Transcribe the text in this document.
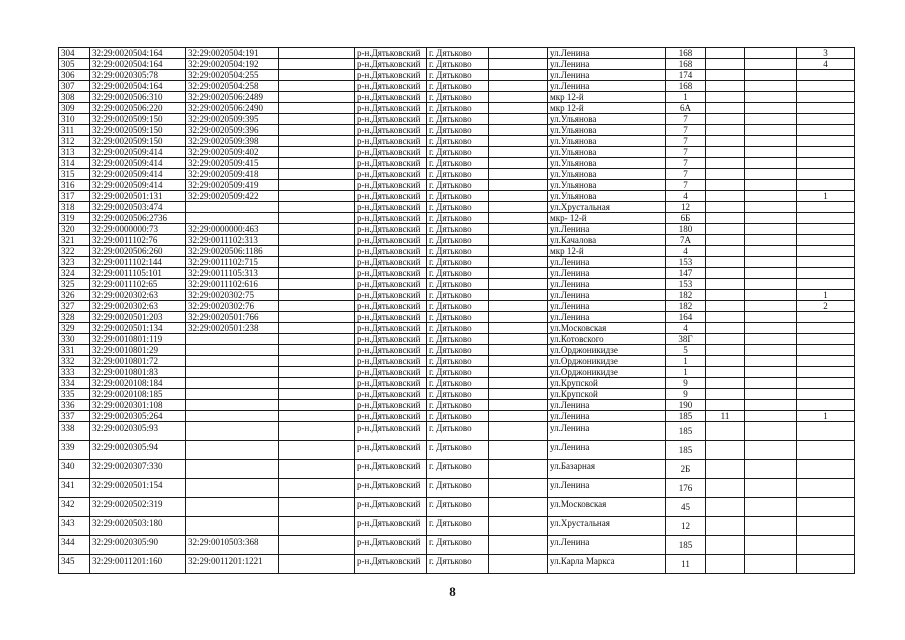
304	32:29:0020504:164	32:29:0020504:191		р-н.Дятьковский	г. Дятьково		ул.Ленина	168			3
305	32:29:0020504:164	32:29:0020504:192		р-н.Дятьковский	г. Дятьково		ул.Ленина	168			4
306	32:29:0020305:78	32:29:0020504:255		р-н.Дятьковский	г. Дятьково		ул.Ленина	174			
307	32:29:0020504:164	32:29:0020504:258		р-н.Дятьковский	г. Дятьково		ул.Ленина	168			
308	32:29:0020506:310	32:29:0020506:2489		р-н.Дятьковский	г. Дятьково		мкр 12-й	1			
309	32:29:0020506:220	32:29:0020506:2490		р-н.Дятьковский	г. Дятьково		мкр 12-й	6А			
310	32:29:0020509:150	32:29:0020509:395		р-н.Дятьковский	г. Дятьково		ул.Ульянова	7			
311	32:29:0020509:150	32:29:0020509:396		р-н.Дятьковский	г. Дятьково		ул.Ульянова	7			
312	32:29:0020509:150	32:29:0020509:398		р-н.Дятьковский	г. Дятьково		ул.Ульянова	7			
313	32:29:0020509:414	32:29:0020509:402		р-н.Дятьковский	г. Дятьково		ул.Ульянова	7			
314	32:29:0020509:414	32:29:0020509:415		р-н.Дятьковский	г. Дятьково		ул.Ульянова	7			
315	32:29:0020509:414	32:29:0020509:418		р-н.Дятьковский	г. Дятьково		ул.Ульянова	7			
316	32:29:0020509:414	32:29:0020509:419		р-н.Дятьковский	г. Дятьково		ул.Ульянова	7			
317	32:29:0020501:131	32:29:0020509:422		р-н.Дятьковский	г. Дятьково		ул.Ульянова	4			1
318	32:29:0020503:474			р-н.Дятьковский	г. Дятьково		ул.Хрустальная	12			
319	32:29:0020506:2736			р-н.Дятьковский	г. Дятьково		мкр- 12-й	6Б			
320	32:29:0000000:73	32:29:0000000:463		р-н.Дятьковский	г. Дятьково		ул.Ленина	180			
321	32:29:0011102:76	32:29:0011102:313		р-н.Дятьковский	г. Дятьково		ул.Качалова	7А			
322	32:29:0020506:260	32:29:0020506:1186		р-н.Дятьковский	г. Дятьково		мкр 12-й	4			
323	32:29:0011102:144	32:29:0011102:715		р-н.Дятьковский	г. Дятьково		ул.Ленина	153			
324	32:29:0011105:101	32:29:0011105:313		р-н.Дятьковский	г. Дятьково		ул.Ленина	147			
325	32:29:0011102:65	32:29:0011102:616		р-н.Дятьковский	г. Дятьково		ул.Ленина	153			
326	32:29:0020302:63	32:29:0020302:75		р-н.Дятьковский	г. Дятьково		ул.Ленина	182			1
327	32:29:0020302:63	32:29:0020302:76		р-н.Дятьковский	г. Дятьково		ул.Ленина	182			2
328	32:29:0020501:203	32:29:0020501:766		р-н.Дятьковский	г. Дятьково		ул.Ленина	164			
329	32:29:0020501:134	32:29:0020501:238		р-н.Дятьковский	г. Дятьково		ул.Московская	4			
330	32:29:0010801:119			р-н.Дятьковский	г. Дятьково		ул.Котовского	38Г			
331	32:29:0010801:29			р-н.Дятьковский	г. Дятьково		ул.Орджоникидзе	5			
332	32:29:0010801:72			р-н.Дятьковский	г. Дятьково		ул.Орджоникидзе	1			
333	32:29:0010801:83			р-н.Дятьковский	г. Дятьково		ул.Орджоникидзе	1			
334	32:29:0020108:184			р-н.Дятьковский	г. Дятьково		ул.Крупской	9			
335	32:29:0020108:185			р-н.Дятьковский	г. Дятьково		ул.Крупской	9			
336	32:29:0020301:108			р-н.Дятьковский	г. Дятьково		ул.Ленина	190			
337	32:29:0020305:264			р-н.Дятьковский	г. Дятьково		ул.Ленина	185	11		1
338	32:29:0020305:93			р-н.Дятьковский	г. Дятьково		ул.Ленина	185			
339	32:29:0020305:94			р-н.Дятьковский	г. Дятьково		ул.Ленина	185			
340	32:29:0020307:330			р-н.Дятьковский	г. Дятьково		ул.Базарная	2Б			
341	32:29:0020501:154			р-н.Дятьковский	г. Дятьково		ул.Ленина	176			
342	32:29:0020502:319			р-н.Дятьковский	г. Дятьково		ул.Московская	45			
343	32:29:0020503:180			р-н.Дятьковский	г. Дятьково		ул.Хрустальная	12			
344	32:29:0020305:90	32:29:0010503:368		р-н.Дятьковский	г. Дятьково		ул.Ленина	185			
345	32:29:0011201:160	32:29:0011201:1221		р-н.Дятьковский	г. Дятьково		ул.Карла Маркса	11			
8
